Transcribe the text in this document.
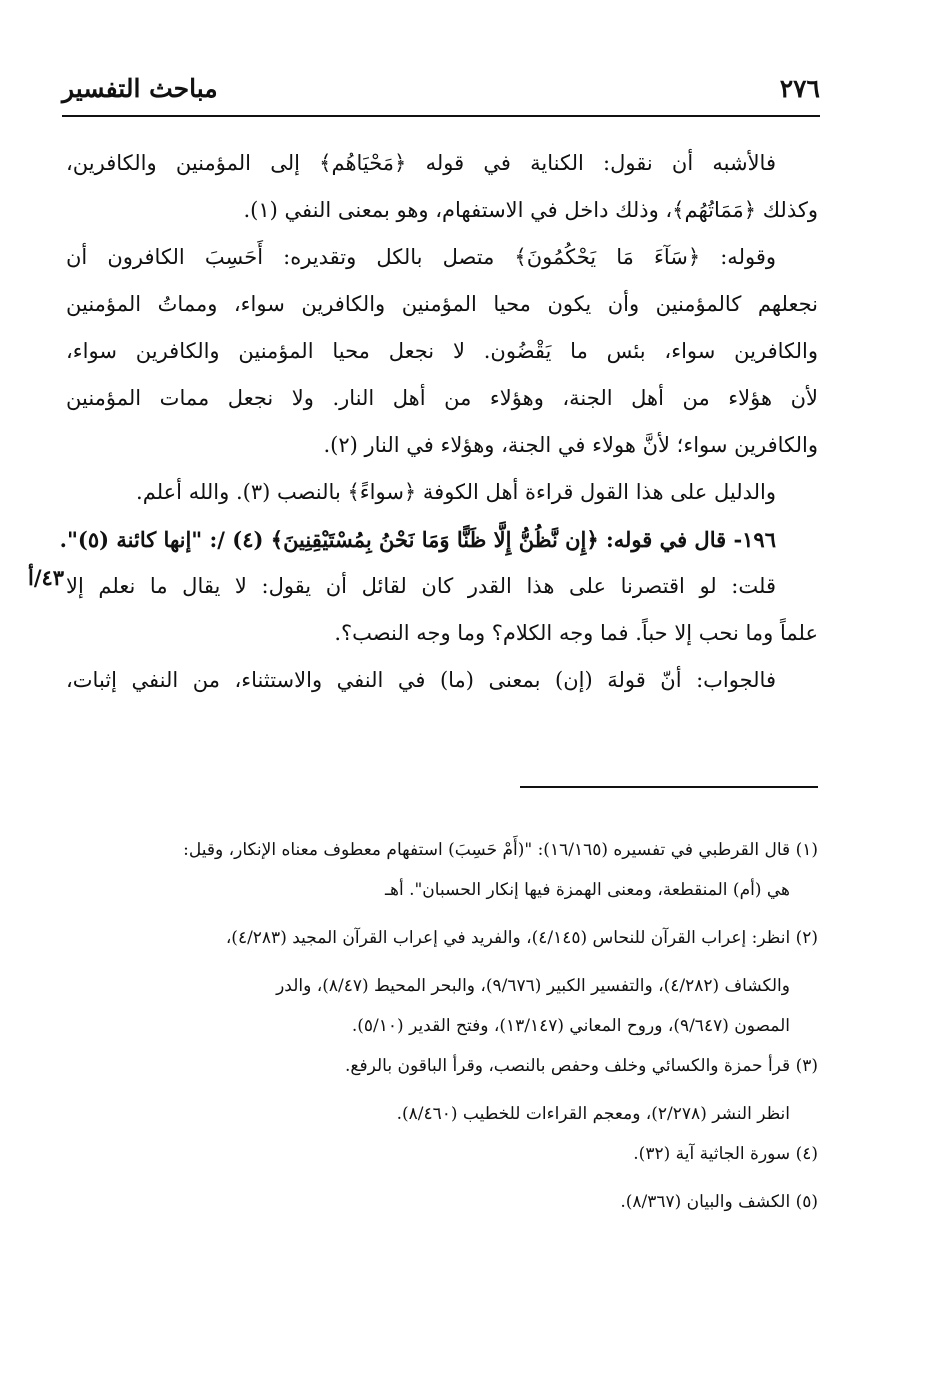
٢٧٦
مباحث التفسير
٤٣/أ
فالأشبه أن نقول: الكناية في قوله ﴿مَحْيَاهُم﴾ إلى المؤمنين والكافرين،
وكذلك ﴿مَمَاتُهُم﴾، وذلك داخل في الاستفهام، وهو بمعنى النفي (١).
وقوله: ﴿سَآءَ مَا يَحْكُمُونَ﴾ متصل بالكل وتقديره: أَحَسِبَ الكافرون أن
نجعلهم كالمؤمنين وأن يكون محيا المؤمنين والكافرين سواء، ومماتُ المؤمنين
والكافرين سواء، بئس ما يَقْضُون. لا نجعل محيا المؤمنين والكافرين سواء،
لأن هؤلاء من أهل الجنة، وهؤلاء من أهل النار. ولا نجعل ممات المؤمنين
والكافرين سواء؛ لأنَّ هولاء في الجنة، وهؤلاء في النار (٢).
والدليل على هذا القول قراءة أهل الكوفة ﴿سواءً﴾ بالنصب (٣). والله أعلم.
١٩٦- قال في قوله: ﴿إِن نَّظُنُّ إِلَّا ظَنًّا وَمَا نَحْنُ بِمُسْتَيْقِنِينَ﴾ (٤) /: "إنها كائنة (٥)".
قلت: لو اقتصرنا على هذا القدر كان لقائل أن يقول: لا يقال ما نعلم إلا
علماً وما نحب إلا حباً. فما وجه الكلام؟ وما وجه النصب؟.
فالجواب: أنّ قولهَ (إن) بمعنى (ما) في النفي والاستثناء، من النفي إثبات،
(١) قال القرطبي في تفسيره (١٦/١٦٥): "(أَمْ حَسِبَ) استفهام معطوف معناه الإنكار، وقيل:
هي (أم) المنقطعة، ومعنى الهمزة فيها إنكار الحسبان". أهـ
(٢) انظر: إعراب القرآن للنحاس (٤/١٤٥)، والفريد في إعراب القرآن المجيد (٤/٢٨٣)،
والكشاف (٤/٢٨٢)، والتفسير الكبير (٩/٦٧٦)، والبحر المحيط (٨/٤٧)، والدر
المصون (٩/٦٤٧)، وروح المعاني (١٣/١٤٧)، وفتح القدير (٥/١٠).
(٣) قرأ حمزة والكسائي وخلف وحفص بالنصب، وقرأ الباقون بالرفع.
انظر النشر (٢/٢٧٨)، ومعجم القراءات للخطيب (٨/٤٦٠).
(٤) سورة الجاثية آية (٣٢).
(٥) الكشف والبيان (٨/٣٦٧).
